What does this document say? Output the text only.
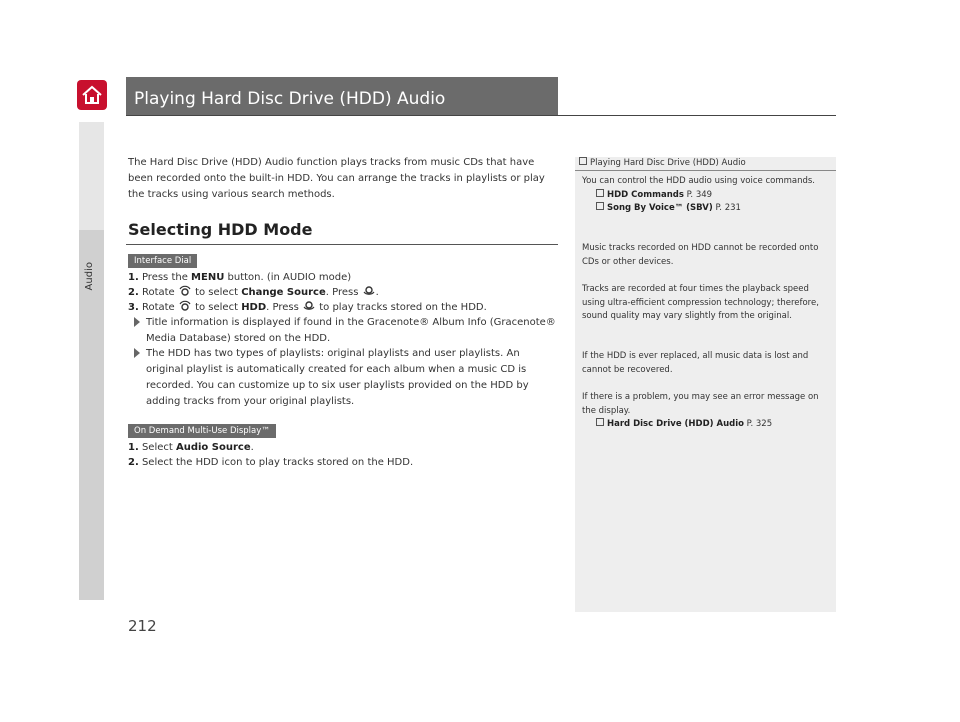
Audio
Playing Hard Disc Drive (HDD) Audio
The Hard Disc Drive (HDD) Audio function plays tracks from music CDs that have been recorded onto the built-in HDD. You can arrange the tracks in playlists or play the tracks using various search methods.
Selecting HDD Mode
Interface Dial
1. Press the MENU button. (in AUDIO mode)
2. Rotate  to select Change Source. Press .
3. Rotate  to select HDD. Press  to play tracks stored on the HDD.
Title information is displayed if found in the Gracenote® Album Info (Gracenote® Media Database) stored on the HDD.
The HDD has two types of playlists: original playlists and user playlists. An original playlist is automatically created for each album when a music CD is recorded. You can customize up to six user playlists provided on the HDD by adding tracks from your original playlists.
On Demand Multi-Use Display™
1. Select Audio Source.
2. Select the HDD icon to play tracks stored on the HDD.
Playing Hard Disc Drive (HDD) Audio
You can control the HDD audio using voice commands.
HDD Commands P. 349
Song By Voice™ (SBV) P. 231
Music tracks recorded on HDD cannot be recorded onto CDs or other devices.
Tracks are recorded at four times the playback speed using ultra-efficient compression technology; therefore, sound quality may vary slightly from the original.
If the HDD is ever replaced, all music data is lost and cannot be recovered.
If there is a problem, you may see an error message on the display.
Hard Disc Drive (HDD) Audio P. 325
212
